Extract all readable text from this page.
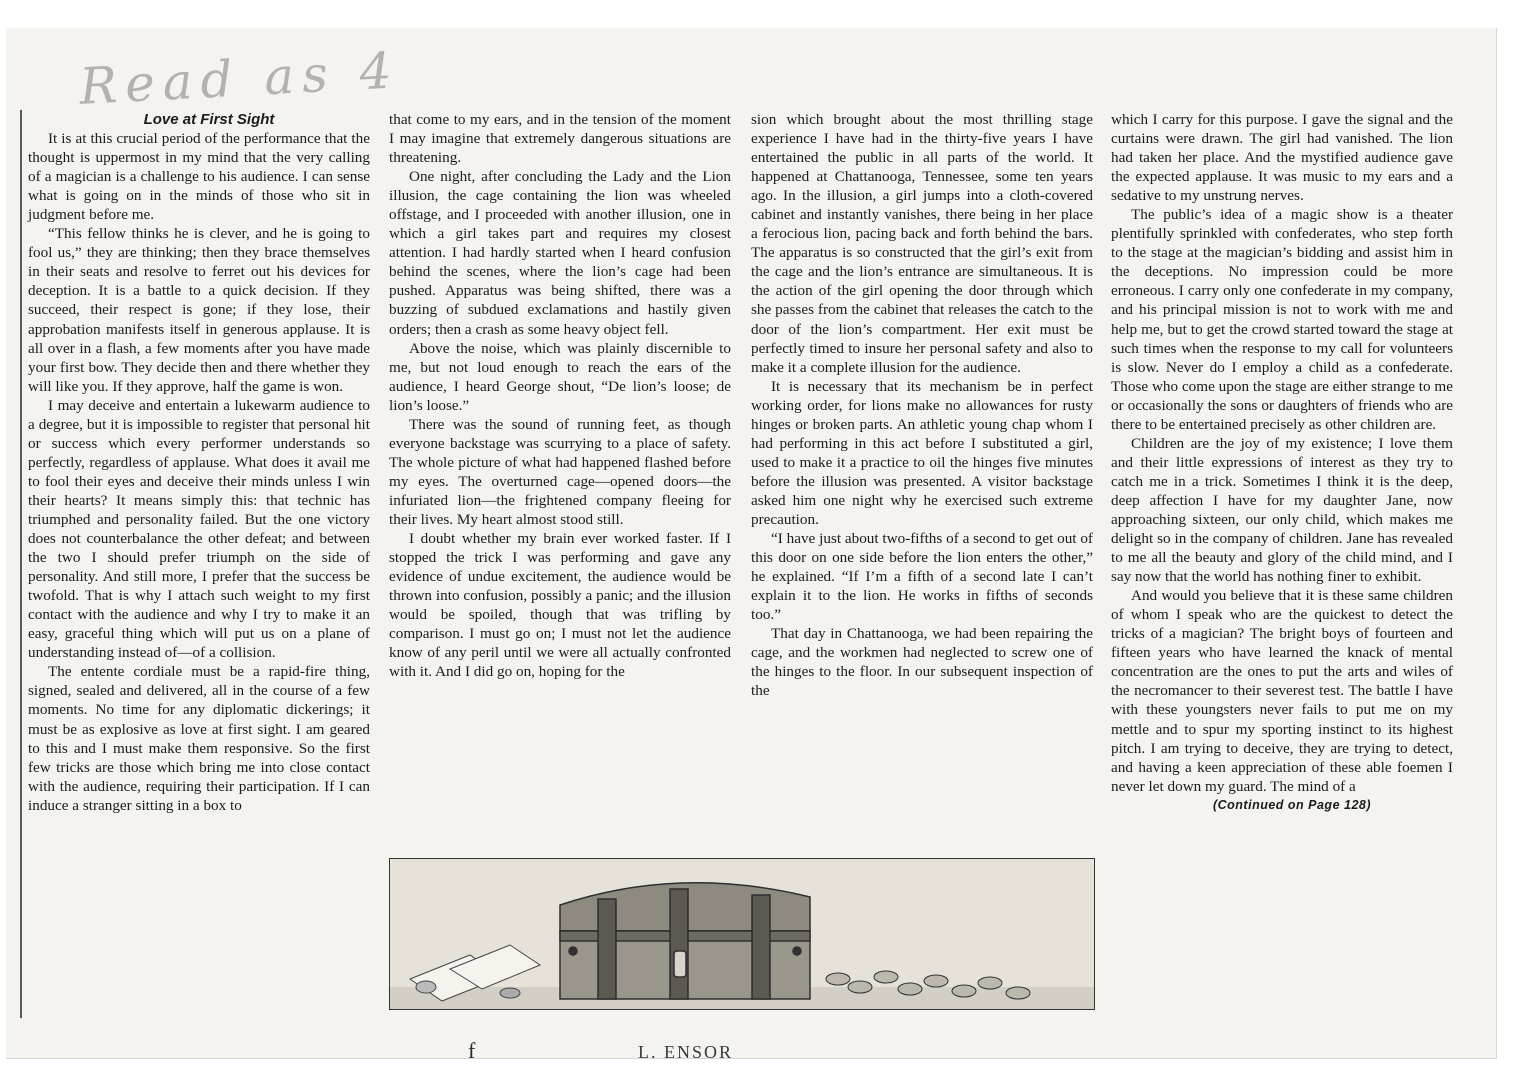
Read as 4

Love at First Sight

It is at this crucial period of the performance that the thought is uppermost in my mind that the very calling of a magician is a challenge to his audience. I can sense what is going on in the minds of those who sit in judgment before me.

“This fellow thinks he is clever, and he is going to fool us,” they are thinking; then they brace themselves in their seats and resolve to ferret out his devices for deception. It is a battle to a quick decision. If they succeed, their respect is gone; if they lose, their approbation manifests itself in generous applause. It is all over in a flash, a few moments after you have made your first bow. They decide then and there whether they will like you. If they approve, half the game is won.

I may deceive and entertain a lukewarm audience to a degree, but it is impossible to register that personal hit or success which every performer understands so perfectly, regardless of applause. What does it avail me to fool their eyes and deceive their minds unless I win their hearts? It means simply this: that technic has triumphed and personality failed. But the one victory does not counterbalance the other defeat; and between the two I should prefer triumph on the side of personality. And still more, I prefer that the success be twofold. That is why I attach such weight to my first contact with the audience and why I try to make it an easy, graceful thing which will put us on a plane of understanding instead of—of a collision.

The entente cordiale must be a rapid-fire thing, signed, sealed and delivered, all in the course of a few moments. No time for any diplomatic dickerings; it must be as explosive as love at first sight. I am geared to this and I must make them responsive. So the first few tricks are those which bring me into close contact with the audience, requiring their participation. If I can induce a stranger sitting in a box to

that come to my ears, and in the tension of the moment I may imagine that extremely dangerous situations are threatening.

One night, after concluding the Lady and the Lion illusion, the cage containing the lion was wheeled offstage, and I proceeded with another illusion, one in which a girl takes part and requires my closest attention. I had hardly started when I heard confusion behind the scenes, where the lion’s cage had been pushed. Apparatus was being shifted, there was a buzzing of subdued exclamations and hastily given orders; then a crash as some heavy object fell.

Above the noise, which was plainly discernible to me, but not loud enough to reach the ears of the audience, I heard George shout, “De lion’s loose; de lion’s loose.”

There was the sound of running feet, as though everyone backstage was scurrying to a place of safety. The whole picture of what had happened flashed before my eyes. The overturned cage—opened doors—the infuriated lion—the frightened company fleeing for their lives. My heart almost stood still.

I doubt whether my brain ever worked faster. If I stopped the trick I was performing and gave any evidence of undue excitement, the audience would be thrown into confusion, possibly a panic; and the illusion would be spoiled, though that was trifling by comparison. I must go on; I must not let the audience know of any peril until we were all actually confronted with it. And I did go on, hoping for the

sion which brought about the most thrilling stage experience I have had in the thirty-five years I have entertained the public in all parts of the world. It happened at Chattanooga, Tennessee, some ten years ago. In the illusion, a girl jumps into a cloth-covered cabinet and instantly vanishes, there being in her place a ferocious lion, pacing back and forth behind the bars. The apparatus is so constructed that the girl’s exit from the cage and the lion’s entrance are simultaneous. It is the action of the girl opening the door through which she passes from the cabinet that releases the catch to the door of the lion’s compartment. Her exit must be perfectly timed to insure her personal safety and also to make it a complete illusion for the audience.

It is necessary that its mechanism be in perfect working order, for lions make no allowances for rusty hinges or broken parts. An athletic young chap whom I had performing in this act before I substituted a girl, used to make it a practice to oil the hinges five minutes before the illusion was presented. A visitor backstage asked him one night why he exercised such extreme precaution.

“I have just about two-fifths of a second to get out of this door on one side before the lion enters the other,” he explained. “If I’m a fifth of a second late I can’t explain it to the lion. He works in fifths of seconds too.”

That day in Chattanooga, we had been repairing the cage, and the workmen had neglected to screw one of the hinges to the floor. In our subsequent inspection of the

which I carry for this purpose. I gave the signal and the curtains were drawn. The girl had vanished. The lion had taken her place. And the mystified audience gave the expected applause. It was music to my ears and a sedative to my unstrung nerves.

The public’s idea of a magic show is a theater plentifully sprinkled with confederates, who step forth to the stage at the magician’s bidding and assist him in the deceptions. No impression could be more erroneous. I carry only one confederate in my company, and his principal mission is not to work with me and help me, but to get the crowd started toward the stage at such times when the response to my call for volunteers is slow. Never do I employ a child as a confederate. Those who come upon the stage are either strange to me or occasionally the sons or daughters of friends who are there to be entertained precisely as other children are.

Children are the joy of my existence; I love them and their little expressions of interest as they try to catch me in a trick. Sometimes I think it is the deep, deep affection I have for my daughter Jane, now approaching sixteen, our only child, which makes me delight so in the company of children. Jane has revealed to me all the beauty and glory of the child mind, and I say now that the world has nothing finer to exhibit.

And would you believe that it is these same children of whom I speak who are the quickest to detect the tricks of a magician? The bright boys of fourteen and fifteen years who have learned the knack of mental concentration are the ones to put the arts and wiles of the necromancer to their severest test. The battle I have with these youngsters never fails to put me on my mettle and to spur my sporting instinct to its highest pitch. I am trying to deceive, they are trying to detect, and having a keen appreciation of these able foemen I never let down my guard. The mind of a

(Continued on Page 128)

f	L. ENSOR
